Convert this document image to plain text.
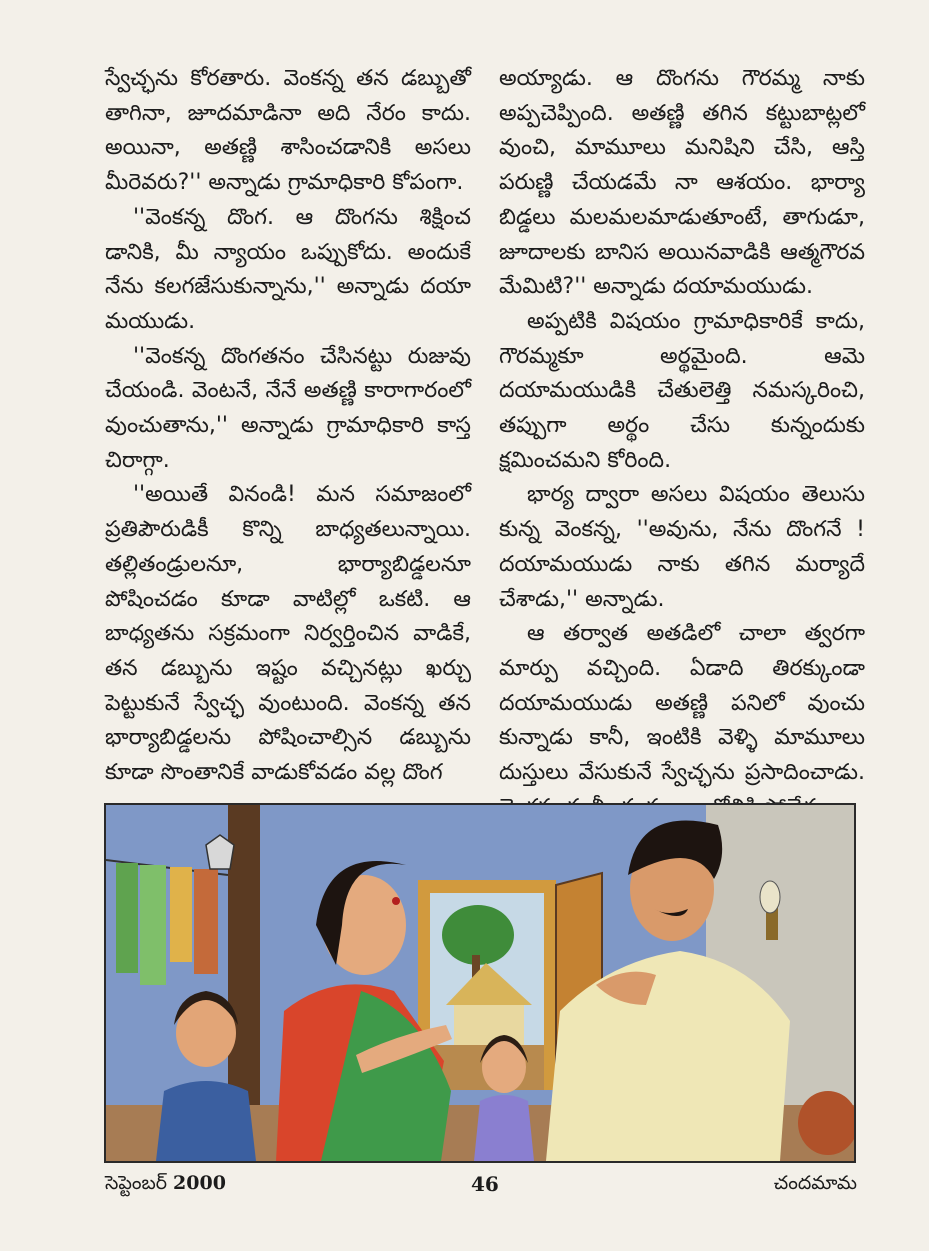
స్వేచ్ఛను కోరతారు. వెంకన్న తన డబ్బుతో తాగినా, జూదమాడినా అది నేరం కాదు. అయినా, అతణ్ణి శాసించడానికి అసలు మీరెవరు?'' అన్నాడు గ్రామాధికారి కోపంగా.

''వెంకన్న దొంగ. ఆ దొంగను శిక్షించ డానికి, మీ న్యాయం ఒప్పుకోదు. అందుకే నేను కలగజేసుకున్నాను,'' అన్నాడు దయా మయుడు.

''వెంకన్న దొంగతనం చేసినట్టు రుజువు చేయండి. వెంటనే, నేనే అతణ్ణి కారాగారంలో వుంచుతాను,'' అన్నాడు గ్రామాధికారి కాస్త చిరాగ్గా.

''అయితే వినండి! మన సమాజంలో ప్రతిపౌరుడికీ కొన్ని బాధ్యతలున్నాయి. తల్లితండ్రులనూ, భార్యాబిడ్డలనూ పోషించడం కూడా వాటిల్లో ఒకటి. ఆ బాధ్యతను సక్రమంగా నిర్వర్తించిన వాడికే, తన డబ్బును ఇష్టం వచ్చినట్లు ఖర్చు పెట్టుకునే స్వేచ్ఛ వుంటుంది. వెంకన్న తన భార్యాబిడ్డలను పోషించాల్సిన డబ్బును కూడా సొంతానికే వాడుకోవడం వల్ల దొంగ

అయ్యాడు. ఆ దొంగను గౌరమ్మ నాకు అప్పచెప్పింది. అతణ్ణి తగిన కట్టుబాట్లలో వుంచి, మామూలు మనిషిని చేసి, ఆస్తి పరుణ్ణి చేయడమే నా ఆశయం. భార్యా బిడ్డలు మలమలమాడుతూంటే, తాగుడూ, జూదాలకు బానిస అయినవాడికి ఆత్మగౌరవ మేమిటి?'' అన్నాడు దయామయుడు.

అప్పటికి విషయం గ్రామాధికారికే కాదు, గౌరమ్మకూ అర్థమైంది. ఆమె దయామయుడికి చేతులెత్తి నమస్కరించి, తప్పుగా అర్థం చేసు కున్నందుకు క్షమించమని కోరింది.

భార్య ద్వారా అసలు విషయం తెలుసు కున్న వెంకన్న, ''అవును, నేను దొంగనే ! దయామయుడు నాకు తగిన మర్యాదే చేశాడు,'' అన్నాడు.

ఆ తర్వాత అతడిలో చాలా త్వరగా మార్పు వచ్చింది. ఏడాది తిరక్కుండా దయామయుడు అతణ్ణి పనిలో వుంచు కున్నాడు కానీ, ఇంటికి వెళ్ళి మామూలు దుస్తులు వేసుకునే స్వేచ్ఛను ప్రసాదించాడు.

సెప్టెంబర్ 2000	46	చందమామ
